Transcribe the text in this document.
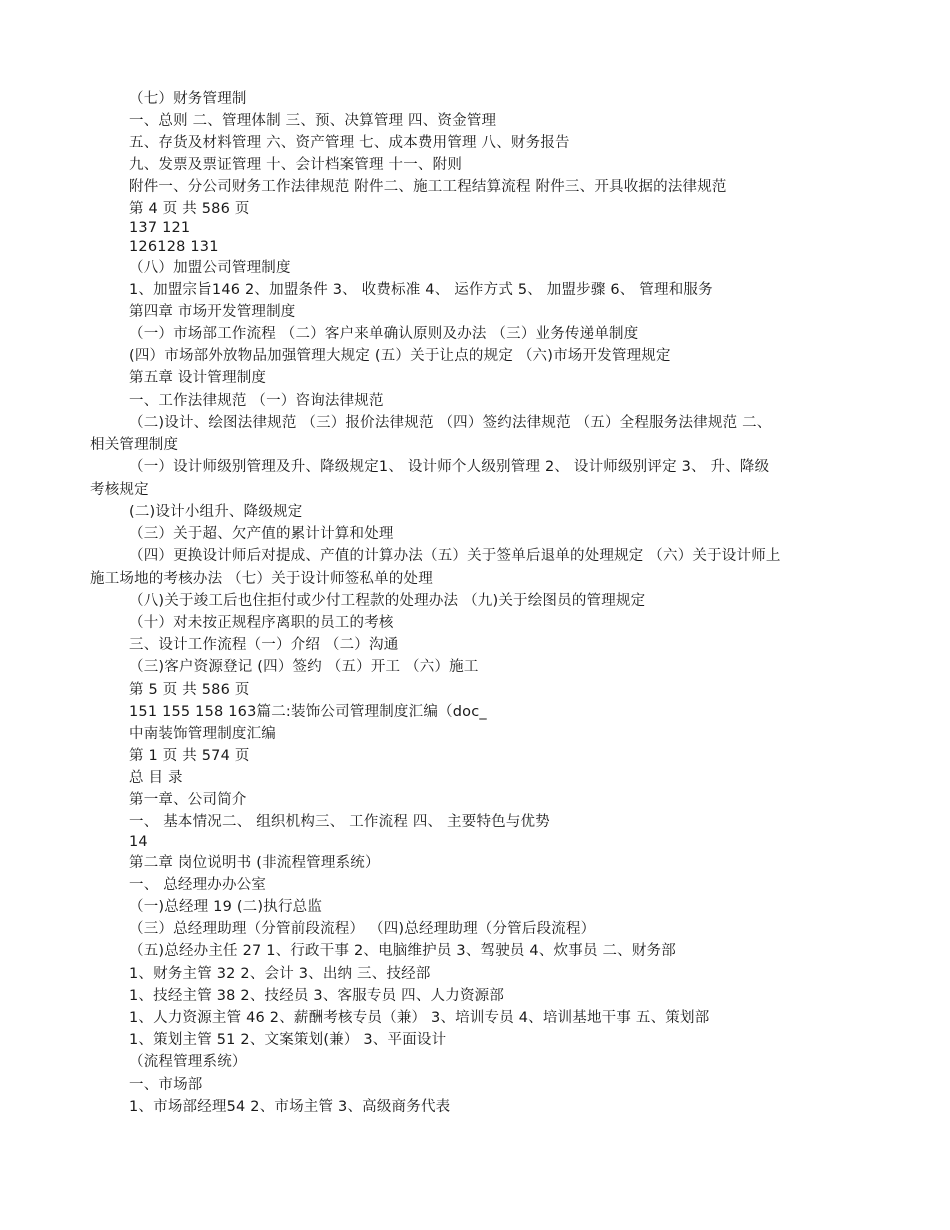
（七）财务管理制
一、总则 二、管理体制 三、预、决算管理 四、资金管理
五、存货及材料管理 六、资产管理 七、成本费用管理 八、财务报告
九、发票及票证管理 十、会计档案管理 十一、附则
附件一、分公司财务工作法律规范 附件二、施工工程结算流程 附件三、开具收据的法律规范
第 4 页 共 586 页
137 121
126128 131
（八）加盟公司管理制度
1、加盟宗旨146 2、加盟条件 3、 收费标准 4、 运作方式 5、 加盟步骤 6、 管理和服务
第四章 市场开发管理制度
（一）市场部工作流程 （二）客户来单确认原则及办法 （三）业务传递单制度
(四）市场部外放物品加强管理大规定 (五）关于让点的规定 （六)市场开发管理规定
第五章 设计管理制度
一、工作法律规范 （一）咨询法律规范
（二)设计、绘图法律规范 （三）报价法律规范 （四）签约法律规范 （五）全程服务法律规范 二、
相关管理制度
（一）设计师级别管理及升、降级规定1、 设计师个人级别管理 2、 设计师级别评定 3、 升、降级
考核规定
(二)设计小组升、降级规定
（三）关于超、欠产值的累计计算和处理
（四）更换设计师后对提成、产值的计算办法（五）关于签单后退单的处理规定 （六）关于设计师上
施工场地的考核办法 （七）关于设计师签私单的处理
（八)关于竣工后也住拒付或少付工程款的处理办法 （九)关于绘图员的管理规定
（十）对未按正规程序离职的员工的考核
三、设计工作流程（一）介绍 （二）沟通
（三)客户资源登记 (四）签约 （五）开工 （六）施工
第 5 页 共 586 页
151 155 158 163篇二:装饰公司管理制度汇编（doc_
中南装饰管理制度汇编
第 1 页 共 574 页
总 目 录
第一章、公司简介
一、 基本情况二、 组织机构三、 工作流程 四、 主要特色与优势
14
第二章 岗位说明书 (非流程管理系统）
一、 总经理办办公室
（一)总经理 19 (二)执行总监
（三）总经理助理（分管前段流程） （四)总经理助理（分管后段流程）
（五)总经办主任 27 1、行政干事 2、电脑维护员 3、驾驶员 4、炊事员 二、财务部
1、财务主管 32 2、会计 3、出纳 三、技经部
1、技经主管 38 2、技经员 3、客服专员 四、人力资源部
1、人力资源主管 46 2、薪酬考核专员（兼） 3、培训专员 4、培训基地干事 五、策划部
1、策划主管 51 2、文案策划(兼） 3、平面设计
（流程管理系统）
一、市场部
1、市场部经理54 2、市场主管 3、高级商务代表
